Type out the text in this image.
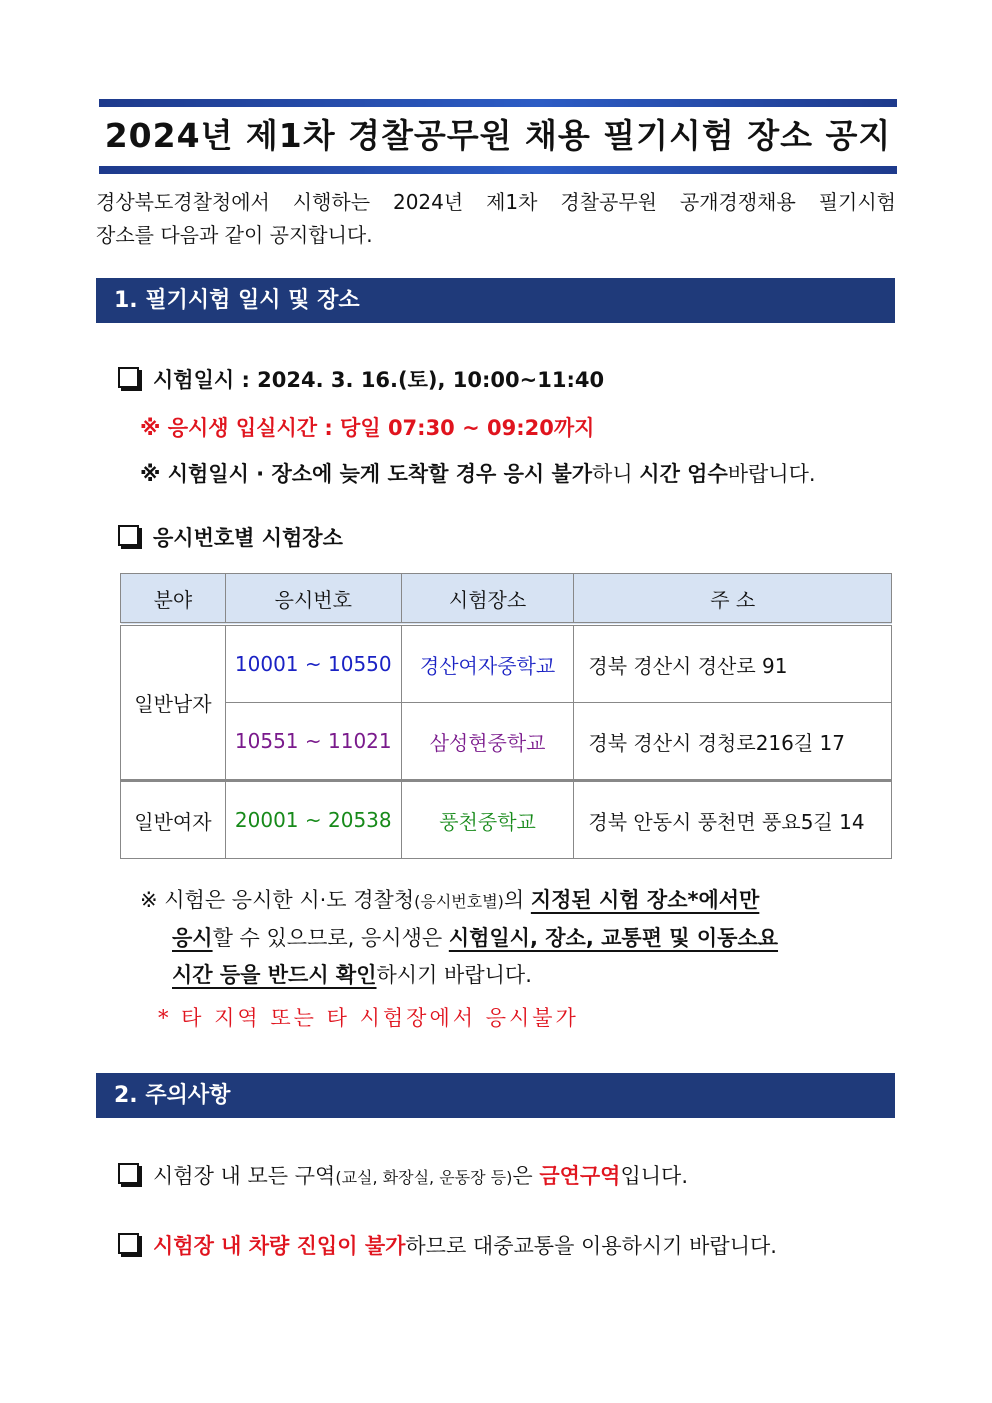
2024년 제1차 경찰공무원 채용 필기시험 장소 공지
경상북도경찰청에서 시행하는 2024년 제1차 경찰공무원 공개경쟁채용 필기시험
장소를 다음과 같이 공지합니다.
1. 필기시험 일시 및 장소
시험일시 : 2024. 3. 16.(토), 10:00~11:40
※ 응시생 입실시간 : 당일 07:30 ~ 09:20까지
※ 시험일시 · 장소에 늦게 도착할 경우 응시 불가하니 시간 엄수바랍니다.
응시번호별 시험장소
분야	응시번호	시험장소	주 소
일반남자	10001 ~ 10550	경산여자중학교	경북 경산시 경산로 91
	10551 ~ 11021	삼성현중학교	경북 경산시 경청로216길 17
일반여자	20001 ~ 20538	풍천중학교	경북 안동시 풍천면 풍요5길 14
※ 시험은 응시한 시·도 경찰청(응시번호별)의 지정된 시험 장소*에서만
응시할 수 있으므로, 응시생은 시험일시, 장소, 교통편 및 이동소요
시간 등을 반드시 확인하시기 바랍니다.
* 타 지역 또는 타 시험장에서 응시불가
2. 주의사항
시험장 내 모든 구역(교실, 화장실, 운동장 등)은 금연구역입니다.
시험장 내 차량 진입이 불가하므로 대중교통을 이용하시기 바랍니다.
